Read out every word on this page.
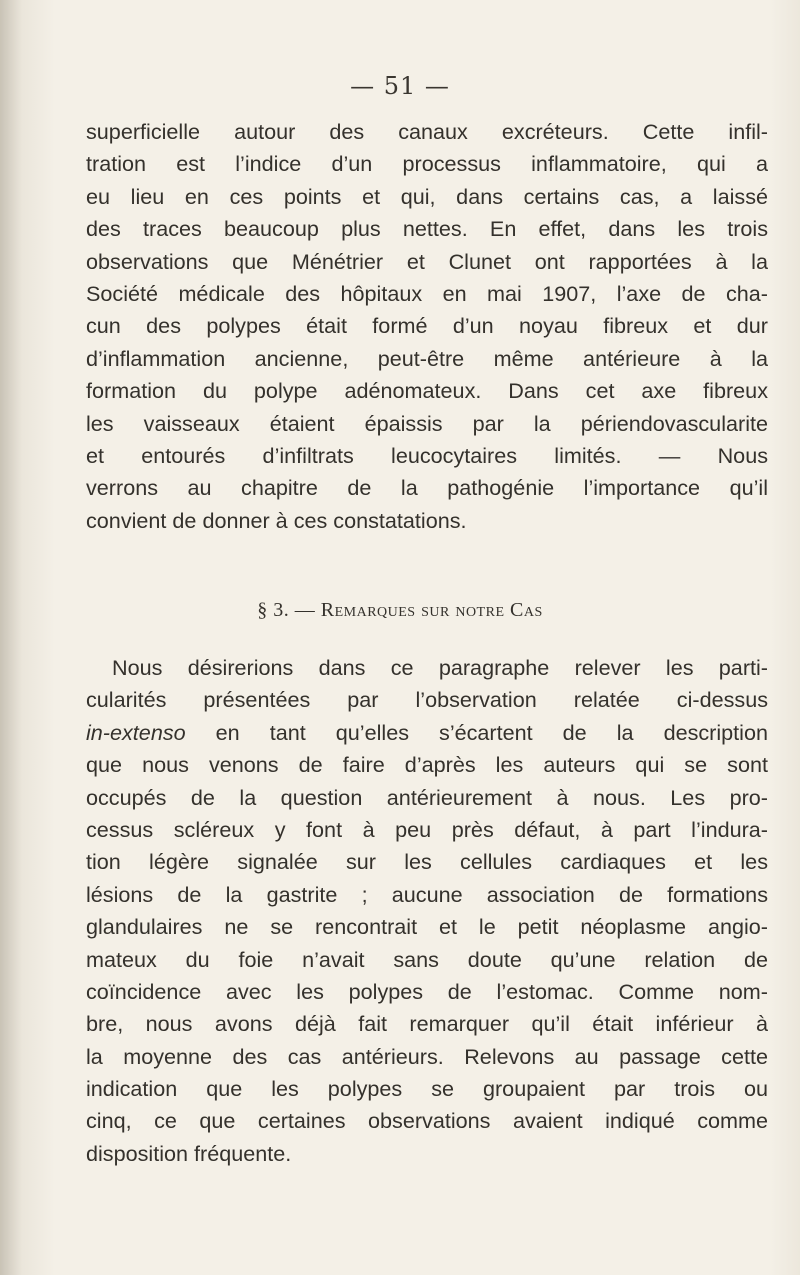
— 51 —
superficielle autour des canaux excréteurs. Cette infil-
tration est l’indice d’un processus inflammatoire, qui a
eu lieu en ces points et qui, dans certains cas, a laissé
des traces beaucoup plus nettes. En effet, dans les trois
observations que Ménétrier et Clunet ont rapportées à la
Société médicale des hôpitaux en mai 1907, l’axe de cha-
cun des polypes était formé d’un noyau fibreux et dur
d’inflammation ancienne, peut-être même antérieure à la
formation du polype adénomateux. Dans cet axe fibreux
les vaisseaux étaient épaissis par la périendovascularite
et entourés d’infiltrats leucocytaires limités. — Nous
verrons au chapitre de la pathogénie l’importance qu’il
convient de donner à ces constatations.
§ 3. — Remarques sur notre Cas
Nous désirerions dans ce paragraphe relever les parti-
cularités présentées par l’observation relatée ci-dessus
in-extenso en tant qu’elles s’écartent de la description
que nous venons de faire d’après les auteurs qui se sont
occupés de la question antérieurement à nous. Les pro-
cessus scléreux y font à peu près défaut, à part l’indura-
tion légère signalée sur les cellules cardiaques et les
lésions de la gastrite ; aucune association de formations
glandulaires ne se rencontrait et le petit néoplasme angio-
mateux du foie n’avait sans doute qu’une relation de
coïncidence avec les polypes de l’estomac. Comme nom-
bre, nous avons déjà fait remarquer qu’il était inférieur à
la moyenne des cas antérieurs. Relevons au passage cette
indication que les polypes se groupaient par trois ou
cinq, ce que certaines observations avaient indiqué comme
disposition fréquente.
